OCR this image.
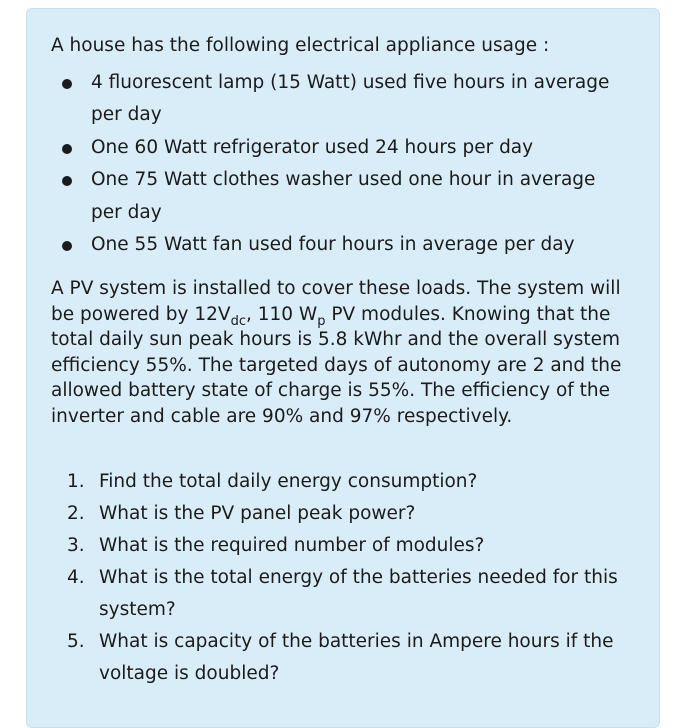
A house has the following electrical appliance usage :

4 fluorescent lamp (15 Watt) used five hours in average per day
One 60 Watt refrigerator used 24 hours per day
One 75 Watt clothes washer used one hour in average per day
One 55 Watt fan used four hours in average per day

A PV system is installed to cover these loads. The system will be powered by $12V_{dc}$, 110 $W_p$ PV modules. Knowing that the total daily sun peak hours is 5.8 kWhr and the overall system efficiency 55%. The targeted days of autonomy are 2 and the allowed battery state of charge is 55%. The efficiency of the inverter and cable are 90% and 97% respectively.

1. Find the total daily energy consumption?
2. What is the PV panel peak power?
3. What is the required number of modules?
4. What is the total energy of the batteries needed for this system?
5. What is capacity of the batteries in Ampere hours if the voltage is doubled?
